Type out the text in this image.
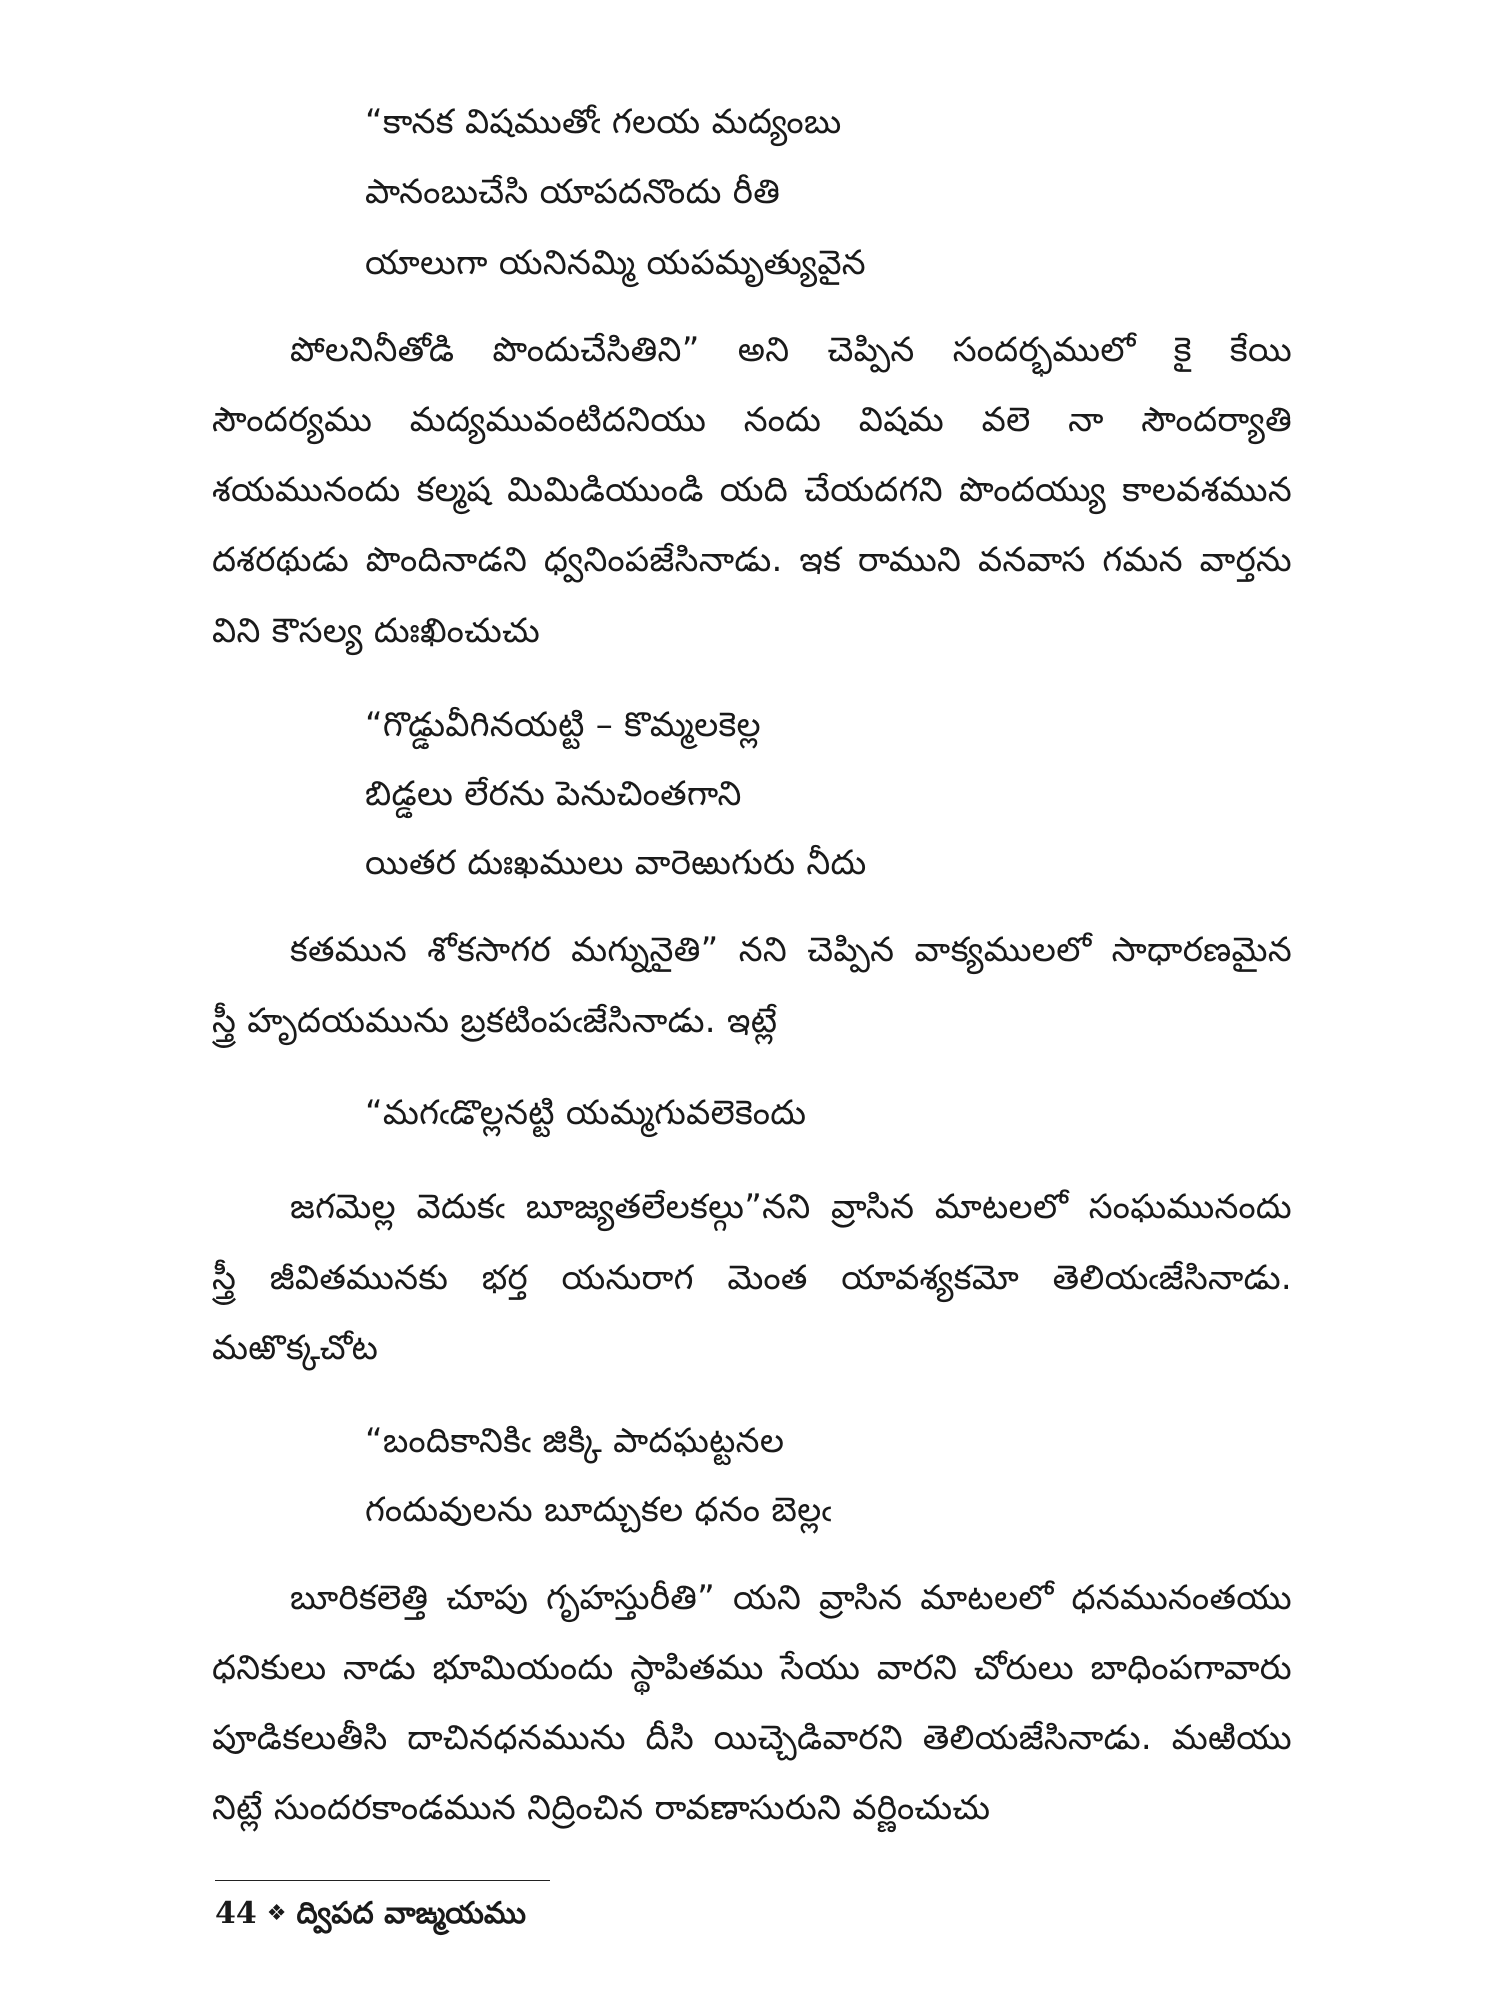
“కానక విషముతోఁ గలయ మద్యంబు
పానంబుచేసి యాపదనొందు రీతి
యాలుగా యనినమ్మి యపమృత్యువైన
పోలనినీతోడి పొందుచేసితిని” అని చెప్పిన సందర్భములో కై కేయి
సౌందర్యము మద్యమువంటిదనియు నందు విషమ వలె నా సౌందర్యాతి
శయమునందు కల్మష మిమిడియుండి యది చేయదగని పొందయ్యు కాలవశమున
దశరథుడు పొందినాడని ధ్వనింపజేసినాడు. ఇక రాముని వనవాస గమన వార్తను
విని కౌసల్య దుఃఖించుచు
“గొడ్డువీగినయట్టి – కొమ్మలకెల్ల
బిడ్డలు లేరను పెనుచింతగాని
యితర దుఃఖములు వారెఱుగురు నీదు
కతమున శోకసాగర మగ్నునైతి” నని చెప్పిన వాక్యములలో సాధారణమైన
స్త్రీ హృదయమును బ్రకటింపఁజేసినాడు. ఇట్లే
“మగఁడొల్లనట్టి యమ్మగువలెకెందు
జగమెల్ల వెదుకఁ బూజ్యతలేలకల్గు”నని వ్రాసిన మాటలలో సంఘమునందు
స్త్రీ జీవితమునకు భర్త యనురాగ మెంత యావశ్యకమో తెలియఁజేసినాడు.
మఱొక్కచోట
“బందికానికిఁ జిక్కి పాదఘట్టనల
గందువులను బూద్చుకల ధనం బెల్లఁ
బూరికలెత్తి చూపు గృహస్తురీతి” యని వ్రాసిన మాటలలో ధనమునంతయు
ధనికులు నాడు భూమియందు స్థాపితము సేయు వారని చోరులు బాధింపగావారు
పూడికలుతీసి దాచినధనమును దీసి యిచ్చెడివారని తెలియజేసినాడు. మఱియు
నిట్లే సుందరకాండమున నిద్రించిన రావణాసురుని వర్ణించుచు
44 ❖ ద్విపద వాఙ్మయము
